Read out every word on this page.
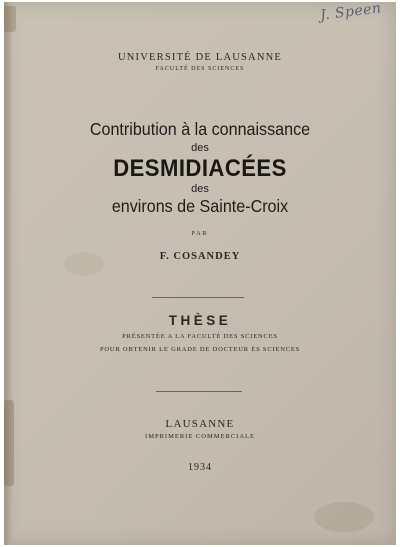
J. Speen
UNIVERSITÉ DE LAUSANNE
FACULTÉ DES SCIENCES
Contribution à la connaissance
des
DESMIDIACÉES
des
environs de Sainte-Croix
PAR
F. COSANDEY
THÈSE
PRÉSENTÉE A LA FACULTÉ DES SCIENCES
POUR OBTENIR LE GRADE DE DOCTEUR ÈS SCIENCES
LAUSANNE
IMPRIMERIE COMMERCIALE
1934
